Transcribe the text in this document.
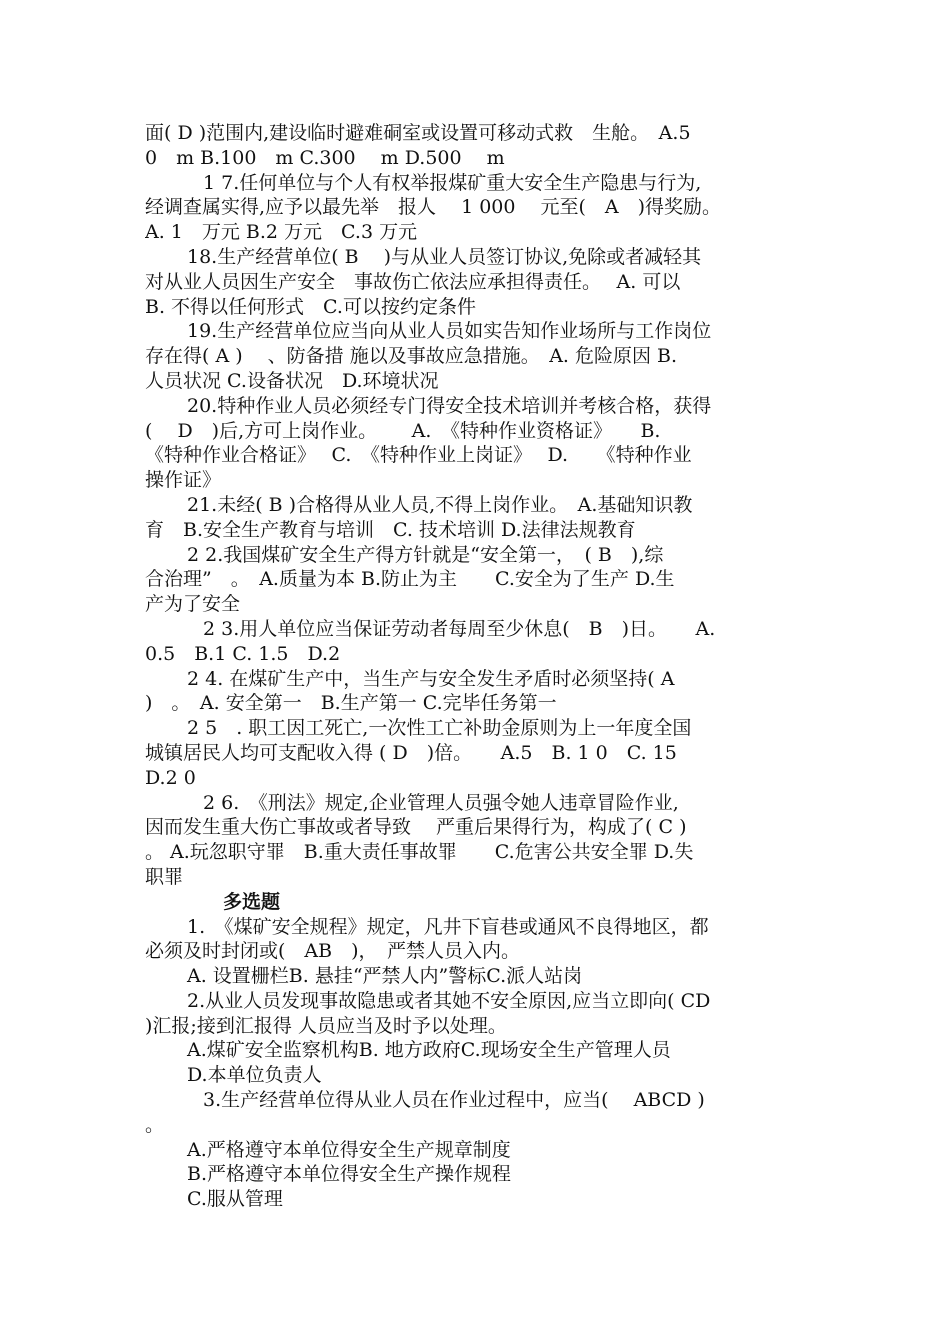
面( D )范围内,建设临时避难硐室或设置可移动式救　生舱。　A.5
0　m B.100　m C.300　 m D.500　 m
1 7.任何单位与个人有权举报煤矿重大安全生产隐患与行为,
经调查属实得,应予以最先举　报人　 1 000　 元至(　A　)得奖励。
A. 1　万元 B.2 万元　C.3 万元
18.生产经营单位( B　 )与从业人员签订协议,免除或者减轻其
对从业人员因生产安全　事故伤亡依法应承担得责任。　 A. 可以
B. 不得以任何形式　C.可以按约定条件
19.生产经营单位应当向从业人员如实告知作业场所与工作岗位
存在得( A )　 、防备措 施以及事故应急措施。　A. 危险原因 B.
人员状况 C.设备状况　D.环境状况
20.特种作业人员必须经专门得安全技术培训并考核合格，获得
(　 D　)后,方可上岗作业。　　 A.　《特种作业资格证》　　B.
《特种作业合格证》　 C.　《特种作业上岗证》　 D.　　《特种作业
操作证》
21.未经( B )合格得从业人员,不得上岗作业。　A.基础知识教
育　B.安全生产教育与培训　C. 技术培训 D.法律法规教育
2 2.我国煤矿安全生产得方针就是“安全第一，　( B　),综
合治理”　。　A.质量为本 B.防止为主　　C.安全为了生产 D.生
产为了安全
2 3.用人单位应当保证劳动者每周至少休息(　B　)日。　　A.
0.5　B.1 C. 1.5　D.2
2 4. 在煤矿生产中，当生产与安全发生矛盾时必须坚持( A
)　。　A. 安全第一　B.生产第一 C.完毕任务第一
2 5　. 职工因工死亡,一次性工亡补助金原则为上一年度全国
城镇居民人均可支配收入得 ( D　)倍。　　A.5　B. 1 0　C. 15
D.2 0
2 6.　《刑法》规定,企业管理人员强令她人违章冒险作业,
因而发生重大伤亡事故或者导致　 严重后果得行为，构成了( C )
。 A.玩忽职守罪　B.重大责任事故罪　　C.危害公共安全罪 D.失
职罪
多选题
1.　《煤矿安全规程》规定，凡井下盲巷或通风不良得地区，都
必须及时封闭或(　AB　)，　严禁人员入内。
A. 设置栅栏B. 悬挂“严禁人内”警标C.派人站岗
2.从业人员发现事故隐患或者其她不安全原因,应当立即向( CD
)汇报;接到汇报得 人员应当及时予以处理。
A.煤矿安全监察机构B. 地方政府C.现场安全生产管理人员
D.本单位负责人
3.生产经营单位得从业人员在作业过程中，应当(　 ABCD )
。
A.严格遵守本单位得安全生产规章制度
B.严格遵守本单位得安全生产操作规程
C.服从管理
